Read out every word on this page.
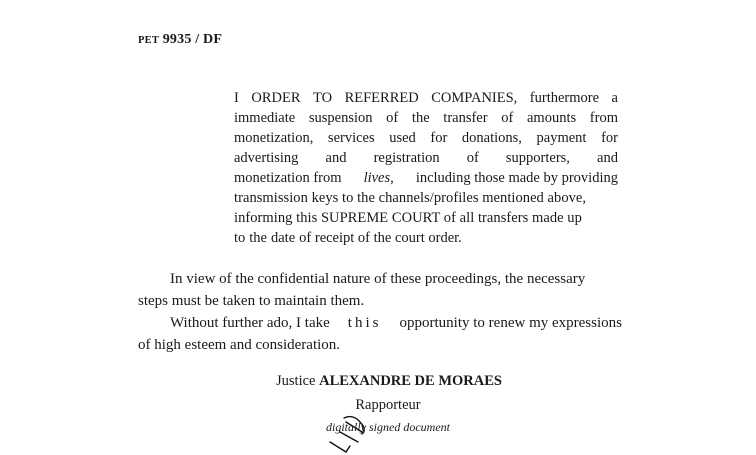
PET 9935 / DF
I ORDER TO REFERRED COMPANIES, furthermore a
immediate suspension of the transfer of amounts from
monetization, services used for donations, payment for
advertising and registration of supporters, and
monetization from lives, including those made by providing
transmission keys to the channels/profiles mentioned above,
informing this SUPREME COURT of all transfers made up
to the date of receipt of the court order.
In view of the confidential nature of these proceedings, the necessary
steps must be taken to maintain them.
Without further ado, I take this opportunity to renew my expressions
of high esteem and consideration.
Justice ALEXANDRE DE MORAES
Rapporteur
digitally signed document
